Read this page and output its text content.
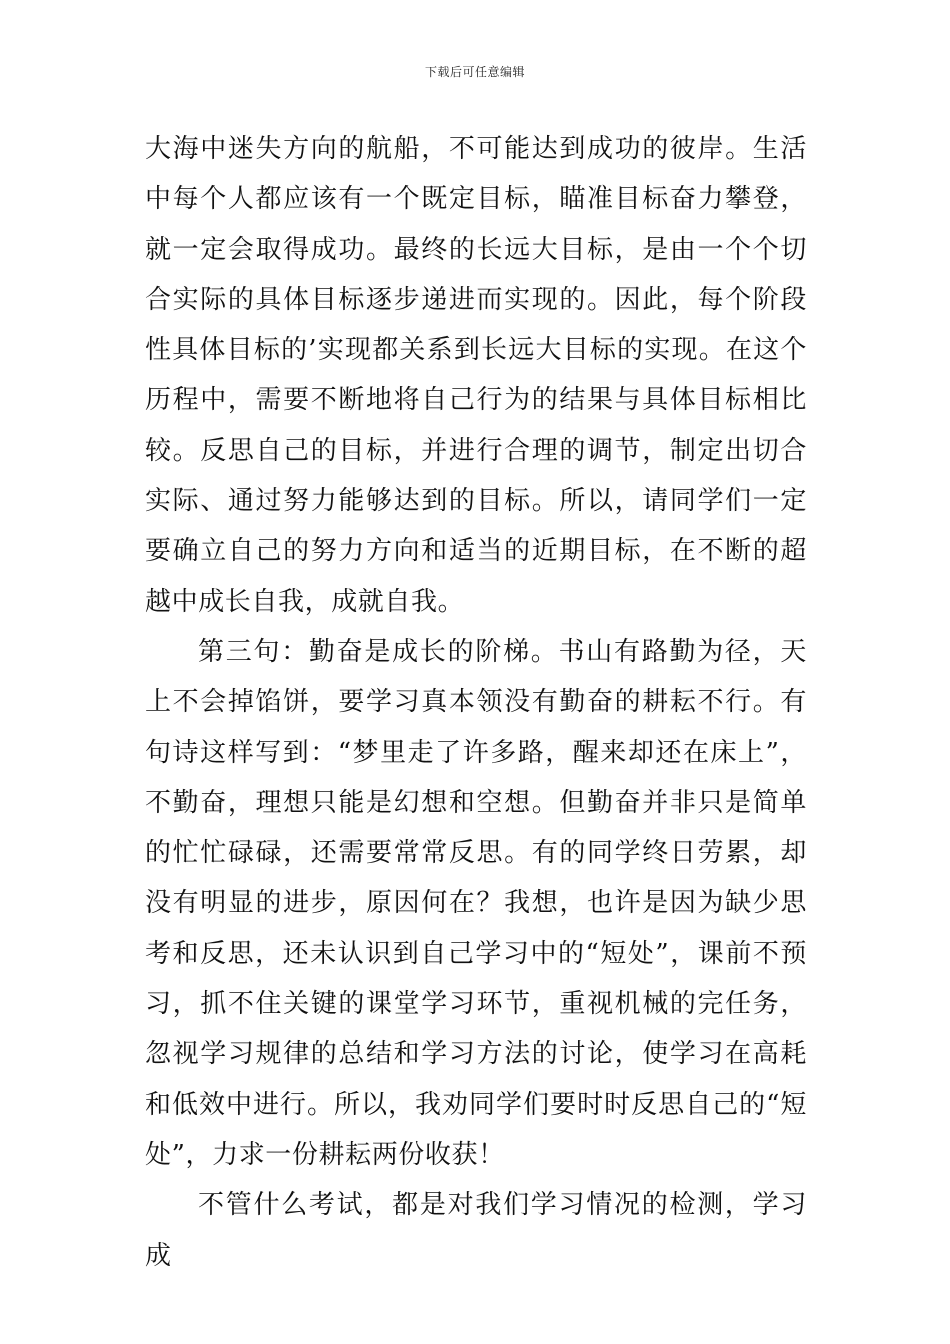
下载后可任意编辑

大海中迷失方向的航船，不可能达到成功的彼岸。生活中每个人都应该有一个既定目标，瞄准目标奋力攀登，就一定会取得成功。最终的长远大目标，是由一个个切合实际的具体目标逐步递进而实现的。因此，每个阶段性具体目标的’实现都关系到长远大目标的实现。在这个历程中，需要不断地将自己行为的结果与具体目标相比较。反思自己的目标，并进行合理的调节，制定出切合实际、通过努力能够达到的目标。所以，请同学们一定要确立自己的努力方向和适当的近期目标，在不断的超越中成长自我，成就自我。

第三句：勤奋是成长的阶梯。书山有路勤为径，天上不会掉馅饼，要学习真本领没有勤奋的耕耘不行。有句诗这样写到：“梦里走了许多路，醒来却还在床上”，不勤奋，理想只能是幻想和空想。但勤奋并非只是简单的忙忙碌碌，还需要常常反思。有的同学终日劳累，却没有明显的进步，原因何在？我想，也许是因为缺少思考和反思，还未认识到自己学习中的“短处”，课前不预习，抓不住关键的课堂学习环节，重视机械的完任务，忽视学习规律的总结和学习方法的讨论，使学习在高耗和低效中进行。所以，我劝同学们要时时反思自己的“短处”，力求一份耕耘两份收获！

不管什么考试，都是对我们学习情况的检测，学习成
